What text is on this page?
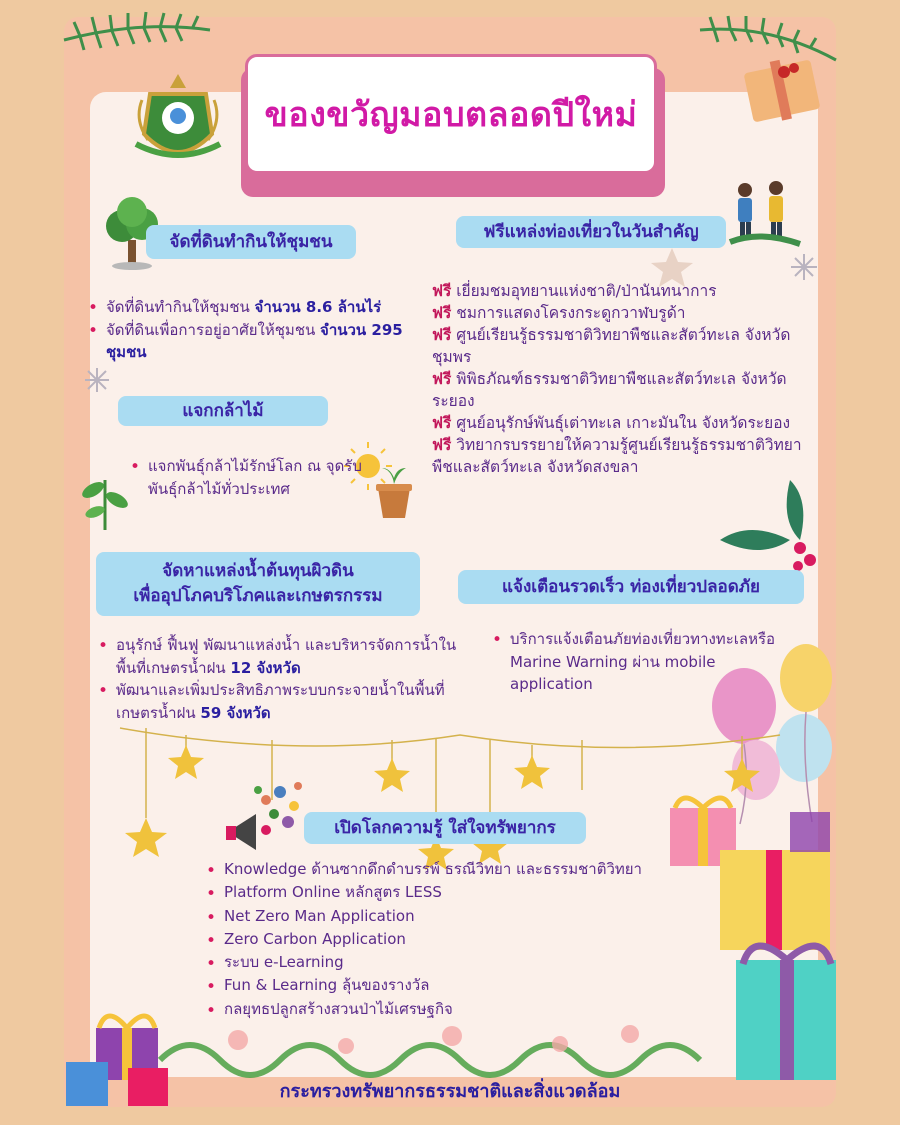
ของขวัญมอบตลอดปีใหม่
จัดที่ดินทำกินให้ชุมชน
• จัดที่ดินทำกินให้ชุมชน จำนวน 8.6 ล้านไร่
• จัดที่ดินเพื่อการอยู่อาศัยให้ชุมชน จำนวน 295 ชุมชน
แจกกล้าไม้
• แจกพันธุ์กล้าไม้รักษ์โลก ณ จุดรับพันธุ์กล้าไม้ทั่วประเทศ
จัดหาแหล่งน้ำต้นทุนผิวดิน
เพื่ออุปโภคบริโภคและเกษตรกรรม
• อนุรักษ์ ฟื้นฟู พัฒนาแหล่งน้ำ และบริหารจัดการน้ำในพื้นที่เกษตรน้ำฝน 12 จังหวัด
• พัฒนาและเพิ่มประสิทธิภาพระบบกระจายน้ำในพื้นที่เกษตรน้ำฝน 59 จังหวัด
ฟรีแหล่งท่องเที่ยวในวันสำคัญ
ฟรี เยี่ยมชมอุทยานแห่งชาติ/ป่านันทนาการ
ฟรี ชมการแสดงโครงกระดูกวาฬบรูด้า
ฟรี ศูนย์เรียนรู้ธรรมชาติวิทยาพืชและสัตว์ทะเล จังหวัดชุมพร
ฟรี พิพิธภัณฑ์ธรรมชาติวิทยาพืชและสัตว์ทะเล จังหวัดระยอง
ฟรี ศูนย์อนุรักษ์พันธุ์เต่าทะเล เกาะมันใน จังหวัดระยอง
ฟรี วิทยากรบรรยายให้ความรู้ศูนย์เรียนรู้ธรรมชาติวิทยาพืชและสัตว์ทะเล จังหวัดสงขลา
แจ้งเตือนรวดเร็ว ท่องเที่ยวปลอดภัย
• บริการแจ้งเตือนภัยท่องเที่ยวทางทะเลหรือ Marine Warning ผ่าน mobile application
เปิดโลกความรู้ ใส่ใจทรัพยากร
• Knowledge ด้านซากดึกดำบรรพ์ ธรณีวิทยา และธรรมชาติวิทยา
• Platform Online หลักสูตร LESS
• Net Zero Man Application
• Zero Carbon Application
• ระบบ e-Learning
• Fun & Learning ลุ้นของรางวัล
• กลยุทธปลูกสร้างสวนป่าไม้เศรษฐกิจ
กระทรวงทรัพยากรธรรมชาติและสิ่งแวดล้อม
